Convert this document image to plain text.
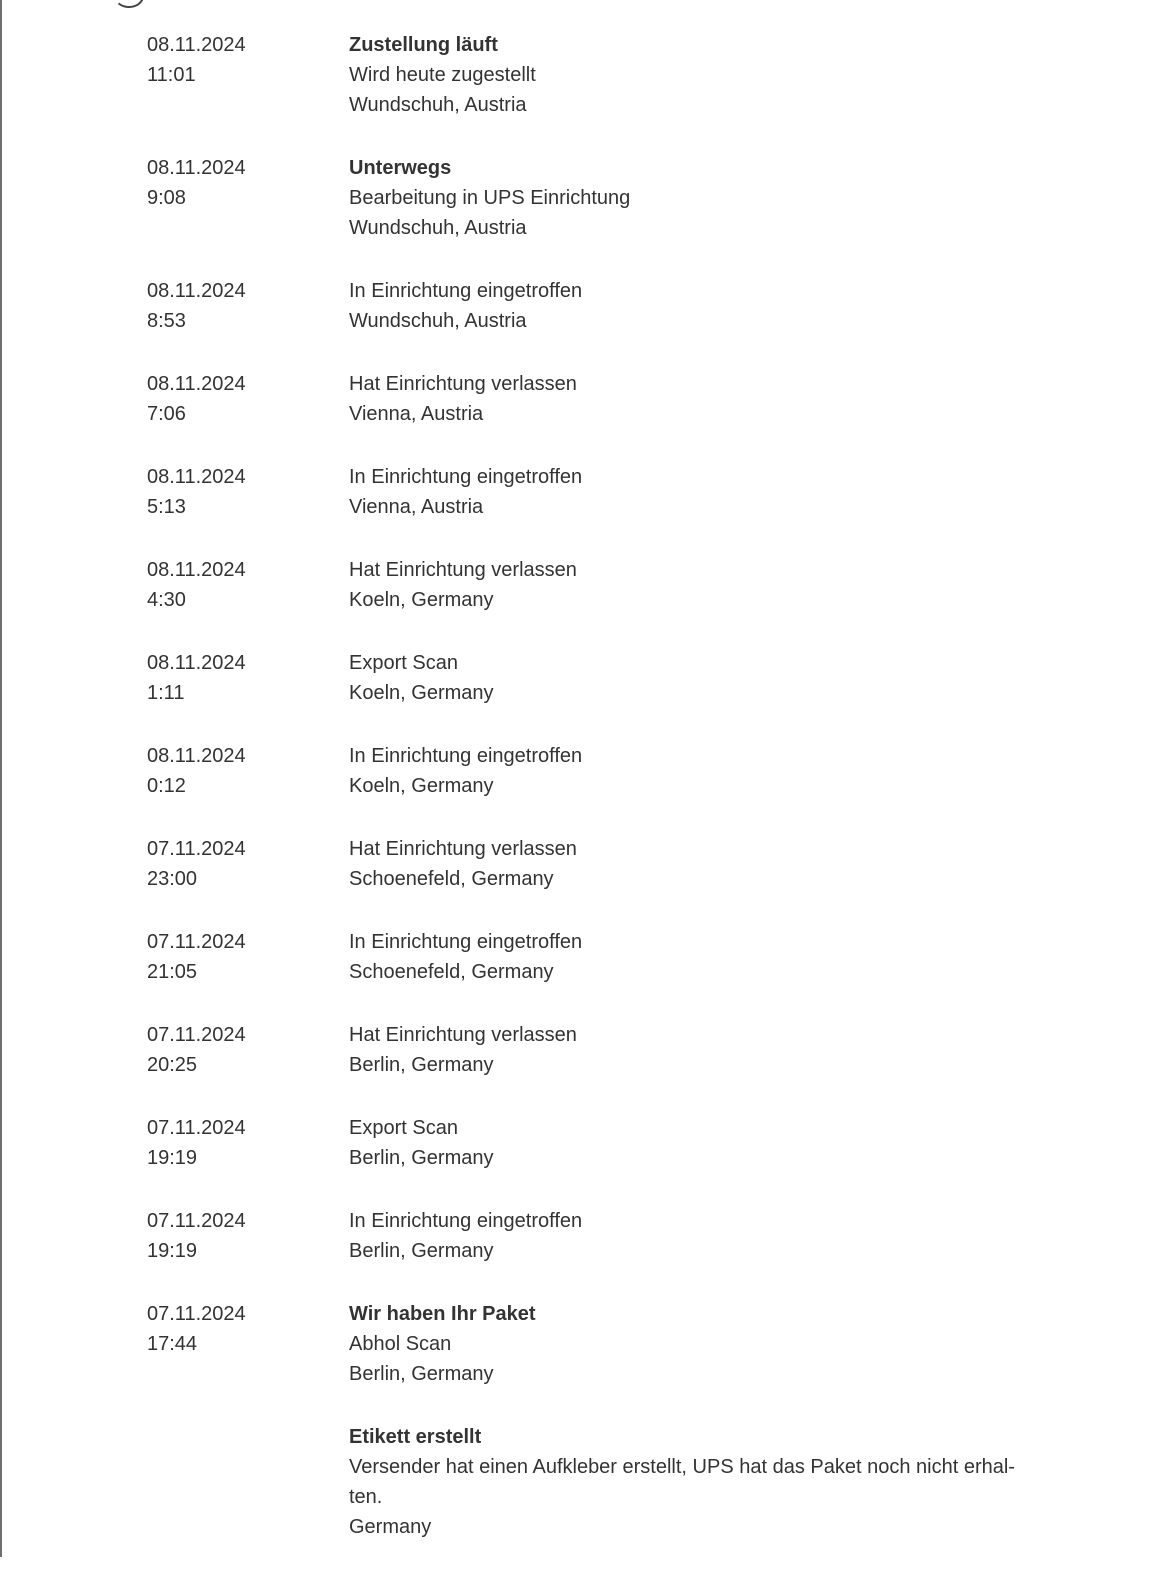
08.11.2024
11:01
Zustellung läuft
Wird heute zugestellt
Wundschuh, Austria
08.11.2024
9:08
Unterwegs
Bearbeitung in UPS Einrichtung
Wundschuh, Austria
08.11.2024
8:53
In Einrichtung eingetroffen
Wundschuh, Austria
08.11.2024
7:06
Hat Einrichtung verlassen
Vienna, Austria
08.11.2024
5:13
In Einrichtung eingetroffen
Vienna, Austria
08.11.2024
4:30
Hat Einrichtung verlassen
Koeln, Germany
08.11.2024
1:11
Export Scan
Koeln, Germany
08.11.2024
0:12
In Einrichtung eingetroffen
Koeln, Germany
07.11.2024
23:00
Hat Einrichtung verlassen
Schoenefeld, Germany
07.11.2024
21:05
In Einrichtung eingetroffen
Schoenefeld, Germany
07.11.2024
20:25
Hat Einrichtung verlassen
Berlin, Germany
07.11.2024
19:19
Export Scan
Berlin, Germany
07.11.2024
19:19
In Einrichtung eingetroffen
Berlin, Germany
07.11.2024
17:44
Wir haben Ihr Paket
Abhol Scan
Berlin, Germany
Etikett erstellt
Versender hat einen Aufkleber erstellt, UPS hat das Paket noch nicht erhal-
ten.
Germany
